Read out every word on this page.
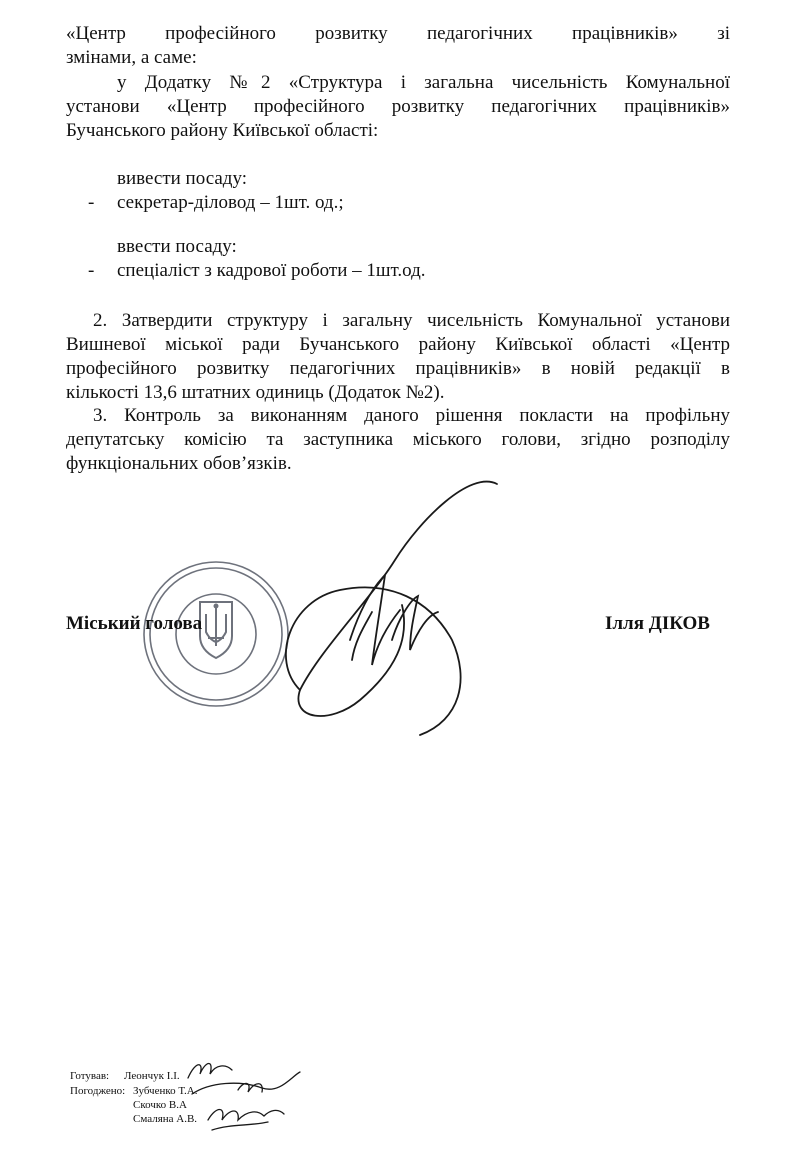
«Центр професійного розвитку педагогічних працівників» зі
змінами, а саме:
у Додатку №2 «Структура і загальна чисельність Комунальної
установи «Центр професійного розвитку педагогічних працівників»
Бучанського району Київської області:
вивести посаду:
- секретар-діловод – 1шт. од.;
ввести посаду:
- спеціаліст з кадрової роботи – 1шт.од.
2. Затвердити структуру і загальну чисельність Комунальної установи
Вишневої міської ради Бучанського району Київської області «Центр
професійного розвитку педагогічних працівників» в новій редакції в
кількості 13,6 штатних одиниць (Додаток №2).
3. Контроль за виконанням даного рішення покласти на профільну
депутатську комісію та заступника міського голови, згідно розподілу
функціональних обов’язків.
Міський голова	Ілля ДІКОВ
Готував: Леончук І.І.
Погоджено: Зубченко Т.А.
Скочко В.А
Смаляна А.В.
